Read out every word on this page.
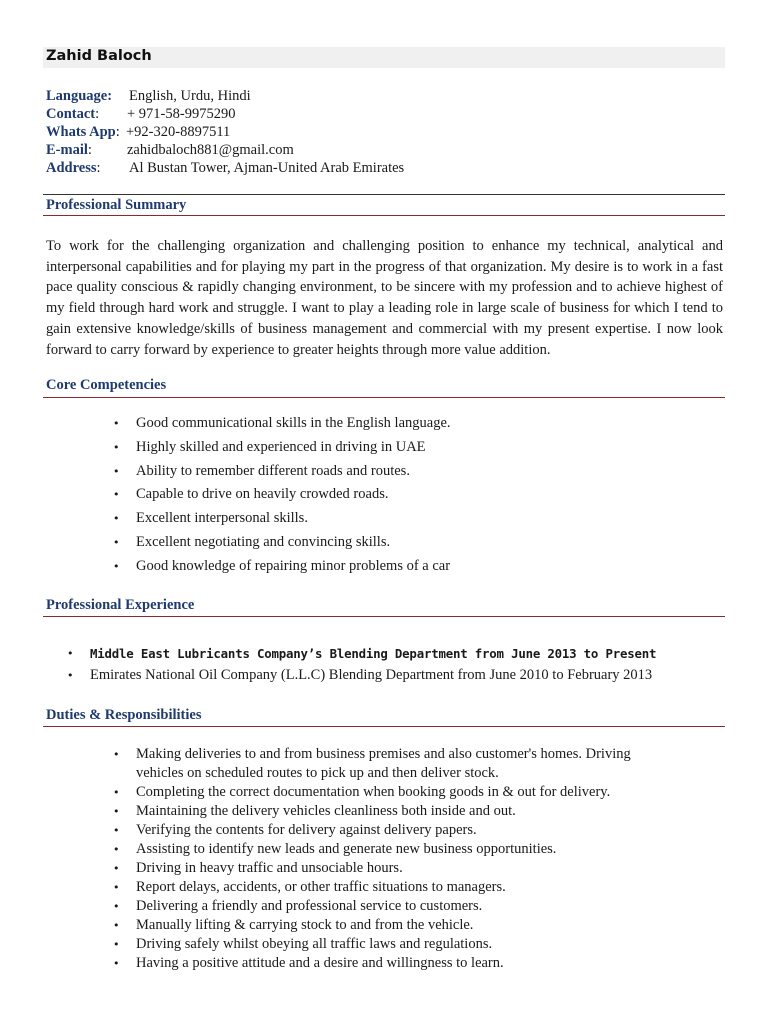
Zahid Baloch
Language: English, Urdu, Hindi
Contact: + 971-58-9975290
Whats App: +92-320-8897511
E-mail: zahidbaloch881@gmail.com
Address: Al Bustan Tower, Ajman-United Arab Emirates
Professional Summary

To work for the challenging organization and challenging position to enhance my technical, analytical and interpersonal capabilities and for playing my part in the progress of that organization. My desire is to work in a fast pace quality conscious & rapidly changing environment, to be sincere with my profession and to achieve highest of my field through hard work and struggle. I want to play a leading role in large scale of business for which I tend to gain extensive knowledge/skills of business management and commercial with my present expertise. I now look forward to carry forward by experience to greater heights through more value addition.

Core Competencies
• Good communicational skills in the English language.
• Highly skilled and experienced in driving in UAE
• Ability to remember different roads and routes.
• Capable to drive on heavily crowded roads.
• Excellent interpersonal skills.
• Excellent negotiating and convincing skills.
• Good knowledge of repairing minor problems of a car
Professional Experience
• Middle East Lubricants Company’s Blending Department from June 2013 to Present
• Emirates National Oil Company (L.L.C) Blending Department from June 2010 to February 2013
Duties & Responsibilities
• Making deliveries to and from business premises and also customer's homes. Driving vehicles on scheduled routes to pick up and then deliver stock.
• Completing the correct documentation when booking goods in & out for delivery.
• Maintaining the delivery vehicles cleanliness both inside and out.
• Verifying the contents for delivery against delivery papers.
• Assisting to identify new leads and generate new business opportunities.
• Driving in heavy traffic and unsociable hours.
• Report delays, accidents, or other traffic situations to managers.
• Delivering a friendly and professional service to customers.
• Manually lifting & carrying stock to and from the vehicle.
• Driving safely whilst obeying all traffic laws and regulations.
• Having a positive attitude and a desire and willingness to learn.
